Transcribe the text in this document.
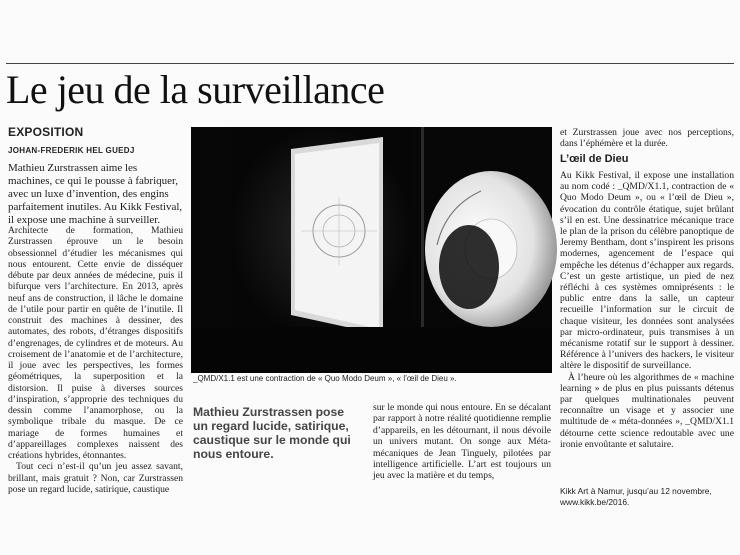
Le jeu de la surveillance
EXPOSITION
JOHAN-FREDERIK HEL GUEDJ

Mathieu Zurstrassen aime les machines, ce qui le pousse à fabriquer, avec un luxe d’invention, des engins parfaitement inutiles. Au Kikk Festival, il expose une machine à surveiller.

Architecte de formation, Mathieu Zurstrassen éprouve un le besoin obsessionnel d’étudier les mécanismes qui nous entourent. Cette envie de disséquer débute par deux années de médecine, puis il bifurque vers l’architecture. En 2013, après neuf ans de construction, il lâche le domaine de l’utile pour partir en quête de l’inutile. Il construit des machines à dessiner, des automates, des robots, d’étranges dispositifs d’engrenages, de cylindres et de moteurs. Au croisement de l’anatomie et de l’architecture, il joue avec les perspectives, les formes géométriques, la superposition et la distorsion. Il puise à diverses sources d’inspiration, s’approprie des techniques du dessin comme l’anamorphose, ou la symbolique tribale du masque. De ce mariage de formes humaines et d’appareillages complexes naissent des créations hybrides, étonnantes.

Tout ceci n’est-il qu’un jeu assez savant, brillant, mais gratuit ? Non, car Zurstrassen pose un regard lucide, satirique, caustique

© MARIE DU CHASTEL KIKK
_QMD/X1.1 est une contraction de « Quo Modo Deum », « l’œil de Dieu ».

Mathieu Zurstrassen pose un regard lucide, satirique, caustique sur le monde qui nous entoure.

sur le monde qui nous entoure. En se décalant par rapport à notre réalité quotidienne remplie d’appareils, en les détournant, il nous dévoile un univers mutant. On songe aux Méta-mécaniques de Jean Tinguely, pilotées par intelligence artificielle. L’art est toujours un jeu avec la matière et du temps,

et Zurstrassen joue avec nos perceptions, dans l’éphémère et la durée.

L’œil de Dieu

Au Kikk Festival, il expose une installation au nom codé : _QMD/X1.1, contraction de « Quo Modo Deum », ou « l’œil de Dieu », évocation du contrôle étatique, sujet brûlant s’il en est. Une dessinatrice mécanique trace le plan de la prison du célèbre panoptique de Jeremy Bentham, dont s’inspirent les prisons modernes, agencement de l’espace qui empêche les détenus d’échapper aux regards. C’est un geste artistique, un pied de nez réfléchi à ces systèmes omniprésents : le public entre dans la salle, un capteur recueille l’information sur le circuit de chaque visiteur, les données sont analysées par micro-ordinateur, puis transmises à un mécanisme rotatif sur le support à dessiner. Référence à l’univers des hackers, le visiteur altère le dispositif de surveillance.

À l’heure où les algorithmes de « machine learning » de plus en plus puissants détenus par quelques multinationales peuvent reconnaître un visage et y associer une multitude de « méta-données », _QMD/X1.1 détourne cette science redoutable avec une ironie envoûtante et salutaire.

Kikk Art à Namur, jusqu’au 12 novembre,
www.kikk.be/2016.
